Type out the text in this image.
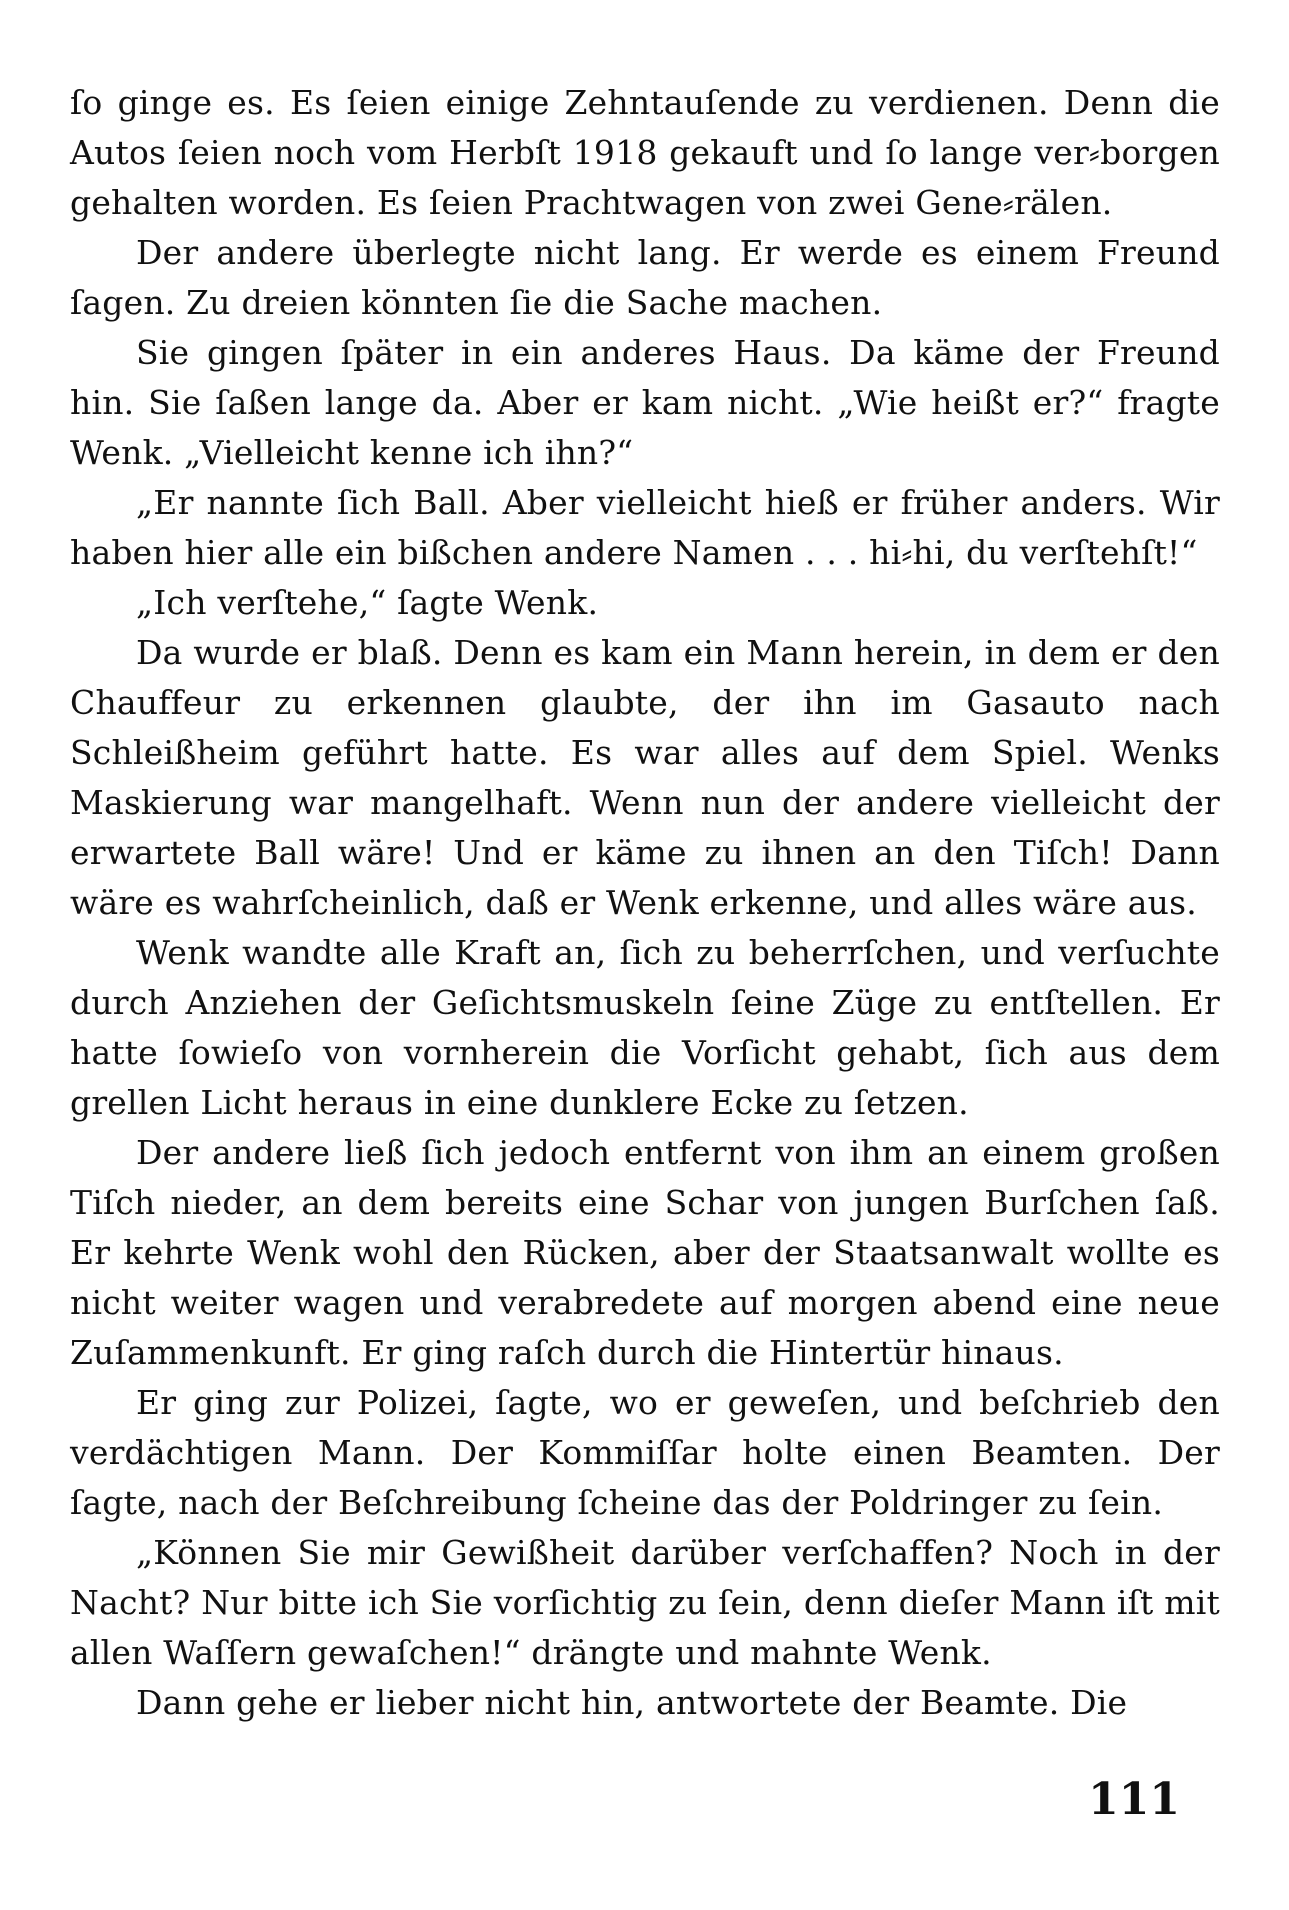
ſo ginge es. Es ſeien einige Zehntauſende zu verdienen. Denn die Autos ſeien noch vom Herbſt 1918 gekauft und ſo lange ver⸗borgen gehalten worden. Es ſeien Prachtwagen von zwei Gene⸗rälen.

Der andere überlegte nicht lang. Er werde es einem Freund ſagen. Zu dreien könnten ſie die Sache machen.

Sie gingen ſpäter in ein anderes Haus. Da käme der Freund hin. Sie ſaßen lange da. Aber er kam nicht. „Wie heißt er?“ fragte Wenk. „Vielleicht kenne ich ihn?“

„Er nannte ſich Ball. Aber vielleicht hieß er früher anders. Wir haben hier alle ein bißchen andere Namen . . . hi⸗hi, du verſtehſt!“

„Ich verſtehe,“ ſagte Wenk.

Da wurde er blaß. Denn es kam ein Mann herein, in dem er den Chauffeur zu erkennen glaubte, der ihn im Gasauto nach Schleißheim geführt hatte. Es war alles auf dem Spiel. Wenks Maskierung war mangelhaft. Wenn nun der andere vielleicht der erwartete Ball wäre! Und er käme zu ihnen an den Tiſch! Dann wäre es wahrſcheinlich, daß er Wenk erkenne, und alles wäre aus.

Wenk wandte alle Kraft an, ſich zu beherrſchen, und verſuchte durch Anziehen der Geſichtsmuskeln ſeine Züge zu entſtellen. Er hatte ſowieſo von vornherein die Vorſicht gehabt, ſich aus dem grellen Licht heraus in eine dunklere Ecke zu ſetzen.

Der andere ließ ſich jedoch entfernt von ihm an einem großen Tiſch nieder, an dem bereits eine Schar von jungen Burſchen ſaß. Er kehrte Wenk wohl den Rücken, aber der Staatsanwalt wollte es nicht weiter wagen und verabredete auf morgen abend eine neue Zuſammenkunft. Er ging raſch durch die Hintertür hinaus.

Er ging zur Polizei, ſagte, wo er geweſen, und beſchrieb den verdächtigen Mann. Der Kommiſſar holte einen Beamten. Der ſagte, nach der Beſchreibung ſcheine das der Poldringer zu ſein.

„Können Sie mir Gewißheit darüber verſchaffen? Noch in der Nacht? Nur bitte ich Sie vorſichtig zu ſein, denn dieſer Mann iſt mit allen Waſſern gewaſchen!“ drängte und mahnte Wenk.

Dann gehe er lieber nicht hin, antwortete der Beamte. Die

111
